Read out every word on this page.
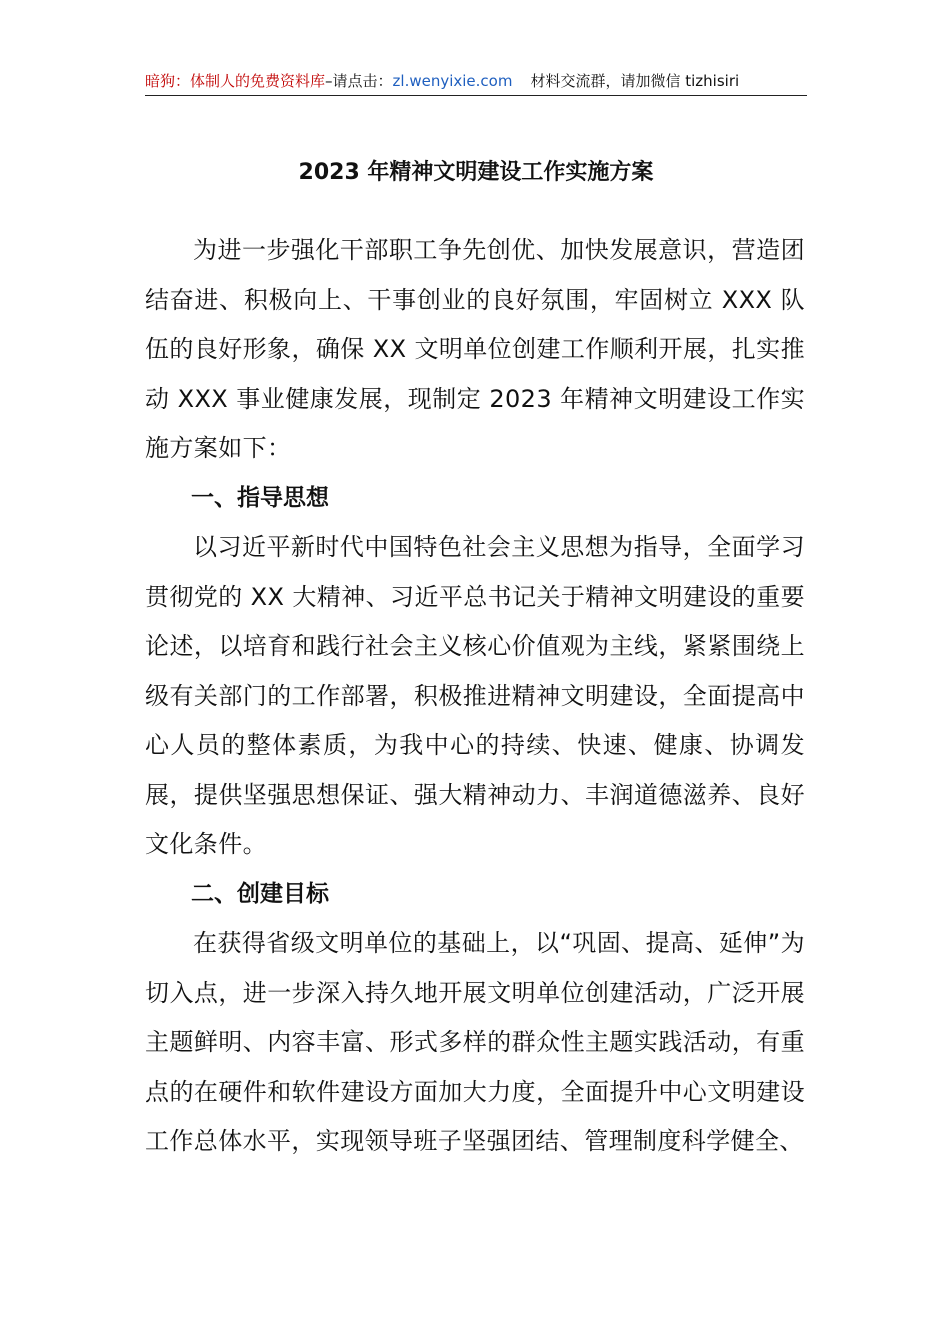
暗狗：体制人的免费资料库–请点击：zl.wenyixie.com 材料交流群，请加微信 tizhisiri
2023 年精神文明建设工作实施方案

为进一步强化干部职工争先创优、加快发展意识，营造团结奋进、积极向上、干事创业的良好氛围，牢固树立 XXX 队伍的良好形象，确保 XX 文明单位创建工作顺利开展，扎实推动 XXX 事业健康发展，现制定 2023 年精神文明建设工作实施方案如下：

一、指导思想

以习近平新时代中国特色社会主义思想为指导，全面学习贯彻党的 XX 大精神、习近平总书记关于精神文明建设的重要论述，以培育和践行社会主义核心价值观为主线，紧紧围绕上级有关部门的工作部署，积极推进精神文明建设，全面提高中心人员的整体素质，为我中心的持续、快速、健康、协调发展，提供坚强思想保证、强大精神动力、丰润道德滋养、良好文化条件。

二、创建目标

在获得省级文明单位的基础上，以“巩固、提高、延伸”为切入点，进一步深入持久地开展文明单位创建活动，广泛开展主题鲜明、内容丰富、形式多样的群众性主题实践活动，有重点的在硬件和软件建设方面加大力度，全面提升中心文明建设工作总体水平，实现领导班子坚强团结、管理制度科学健全、
